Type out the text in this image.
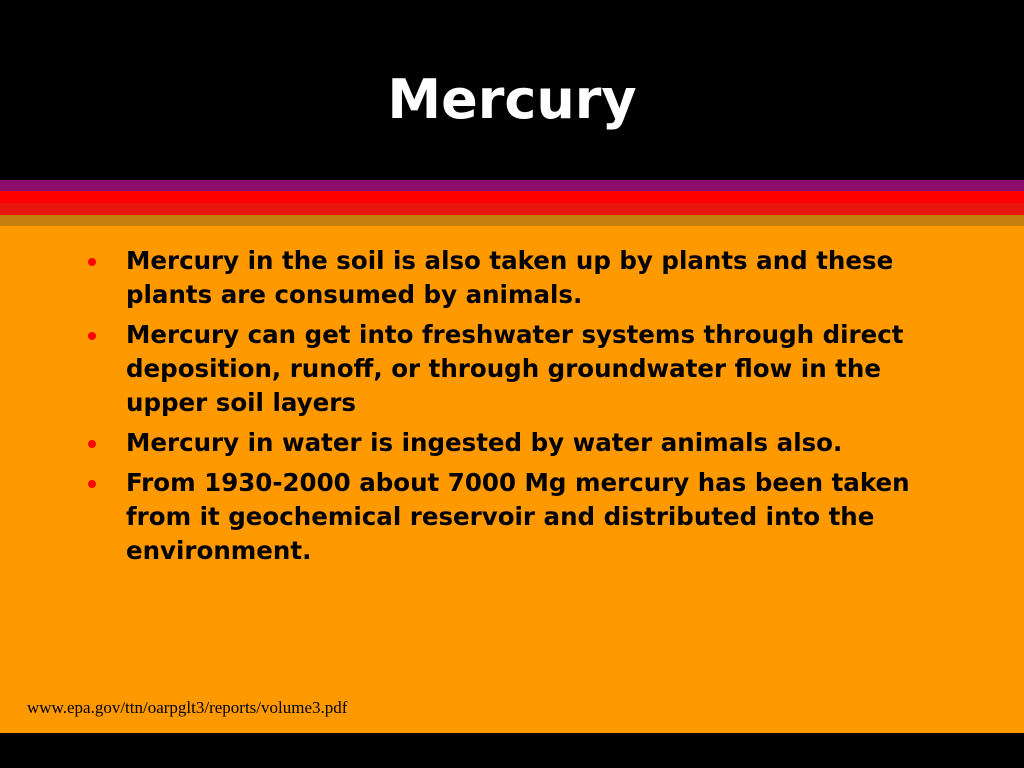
Mercury
Mercury in the soil is also taken up by plants and these plants are consumed by animals.
Mercury can get into freshwater systems through direct deposition, runoff, or through groundwater flow in the upper soil layers
Mercury in water is ingested by water animals also.
From 1930-2000 about 7000 Mg mercury has been taken from it geochemical reservoir and distributed into the environment.
www.epa.gov/ttn/oarpglt3/reports/volume3.pdf
